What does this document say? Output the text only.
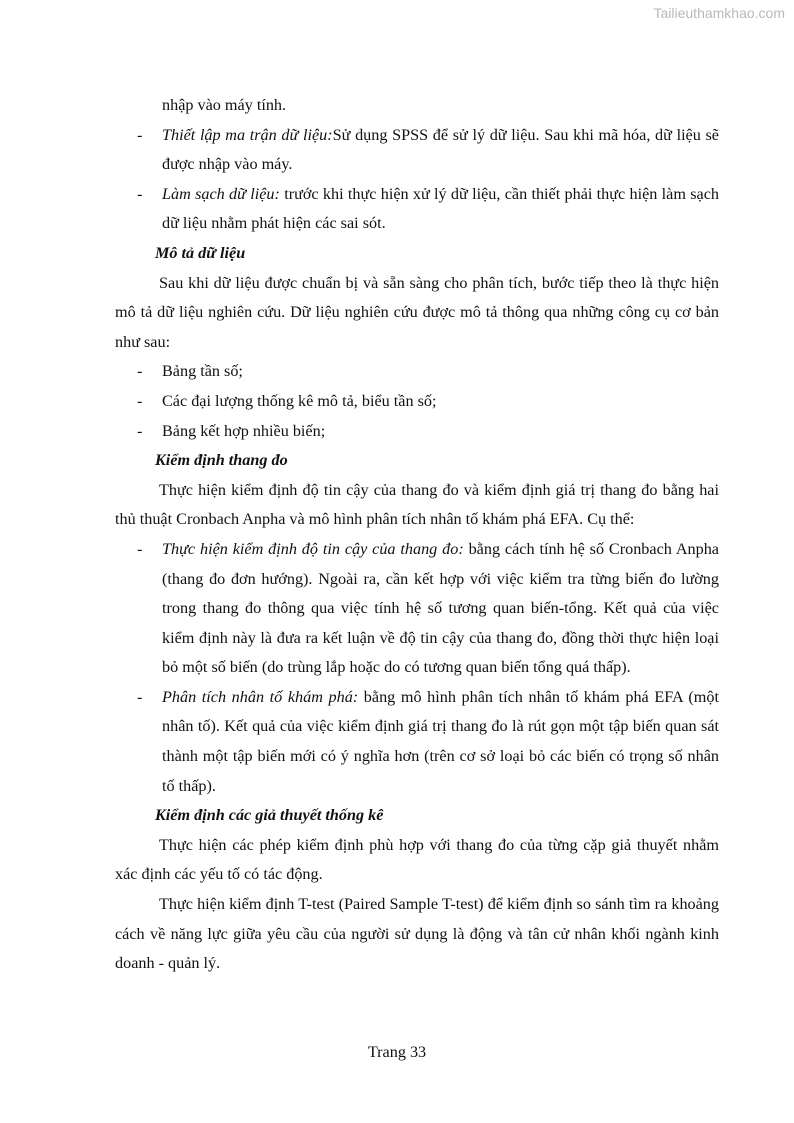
Tailieuthamkhao.com

nhập vào máy tính.

- Thiết lập ma trận dữ liệu:Sử dụng SPSS để sử lý dữ liệu. Sau khi mã hóa, dữ liệu sẽ được nhập vào máy.

- Làm sạch dữ liệu: trước khi thực hiện xử lý dữ liệu, cần thiết phải thực hiện làm sạch dữ liệu nhằm phát hiện các sai sót.

Mô tả dữ liệu

Sau khi dữ liệu được chuẩn bị và sẵn sàng cho phân tích, bước tiếp theo là thực hiện mô tả dữ liệu nghiên cứu. Dữ liệu nghiên cứu được mô tả thông qua những công cụ cơ bản như sau:

- Bảng tần số;

- Các đại lượng thống kê mô tả, biểu tần số;

- Bảng kết hợp nhiều biến;

Kiểm định thang đo

Thực hiện kiểm định độ tin cậy của thang đo và kiểm định giá trị thang đo bằng hai thủ thuật Cronbach Anpha và mô hình phân tích nhân tố khám phá EFA. Cụ thể:

- Thực hiện kiểm định độ tin cậy của thang đo: bằng cách tính hệ số Cronbach Anpha (thang đo đơn hướng). Ngoài ra, cần kết hợp với việc kiểm tra từng biến đo lường trong thang đo thông qua việc tính hệ số tương quan biến-tổng. Kết quả của việc kiểm định này là đưa ra kết luận về độ tin cậy của thang đo, đồng thời thực hiện loại bỏ một số biến (do trùng lắp hoặc do có tương quan biến tổng quá thấp).

- Phân tích nhân tố khám phá: bằng mô hình phân tích nhân tố khám phá EFA (một nhân tố). Kết quả của việc kiểm định giá trị thang đo là rút gọn một tập biến quan sát thành một tập biến mới có ý nghĩa hơn (trên cơ sở loại bỏ các biến có trọng số nhân tố thấp).

Kiểm định các giả thuyết thống kê

Thực hiện các phép kiểm định phù hợp với thang đo của từng cặp giả thuyết nhằm xác định các yếu tố có tác động.

Thực hiện kiểm định T-test (Paired Sample T-test) để kiểm định so sánh tìm ra khoảng cách về năng lực giữa yêu cầu của người sử dụng là động và tân cử nhân khối ngành kinh doanh - quản lý.

Trang 33
